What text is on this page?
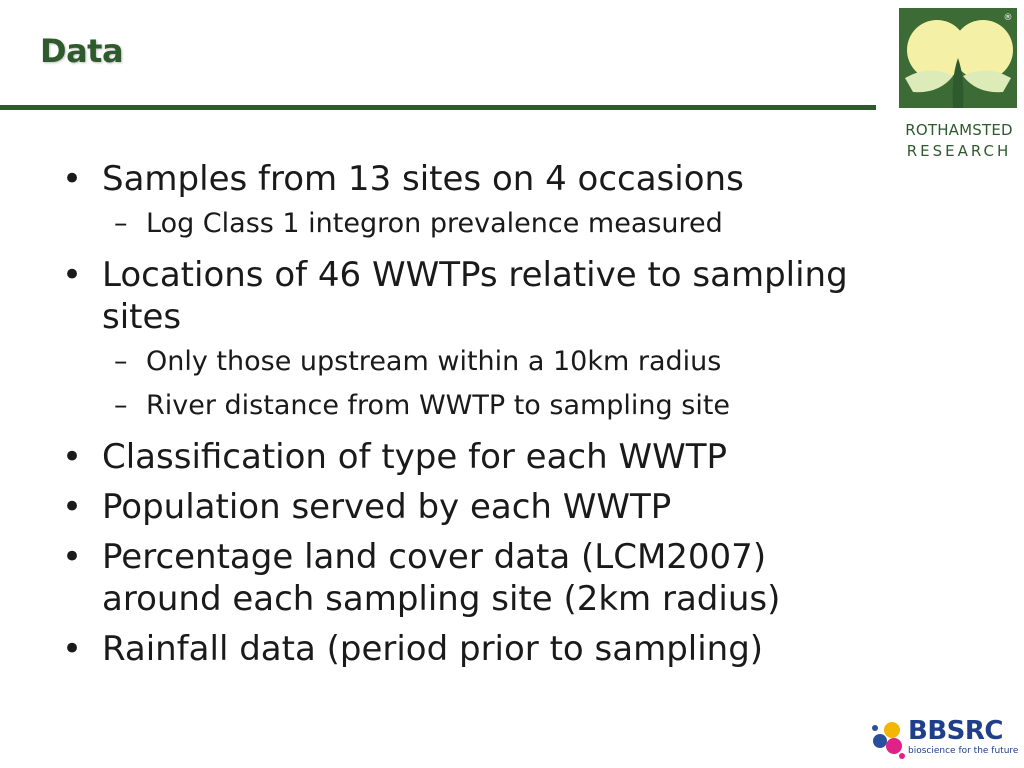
Data
®
ROTHAMSTED
RESEARCH
• Samples from 13 sites on 4 occasions
– Log Class 1 integron prevalence measured
• Locations of 46 WWTPs relative to sampling sites
– Only those upstream within a 10km radius
– River distance from WWTP to sampling site
• Classification of type for each WWTP
• Population served by each WWTP
• Percentage land cover data (LCM2007) around each sampling site (2km radius)
• Rainfall data (period prior to sampling)
BBSRC
bioscience for the future
